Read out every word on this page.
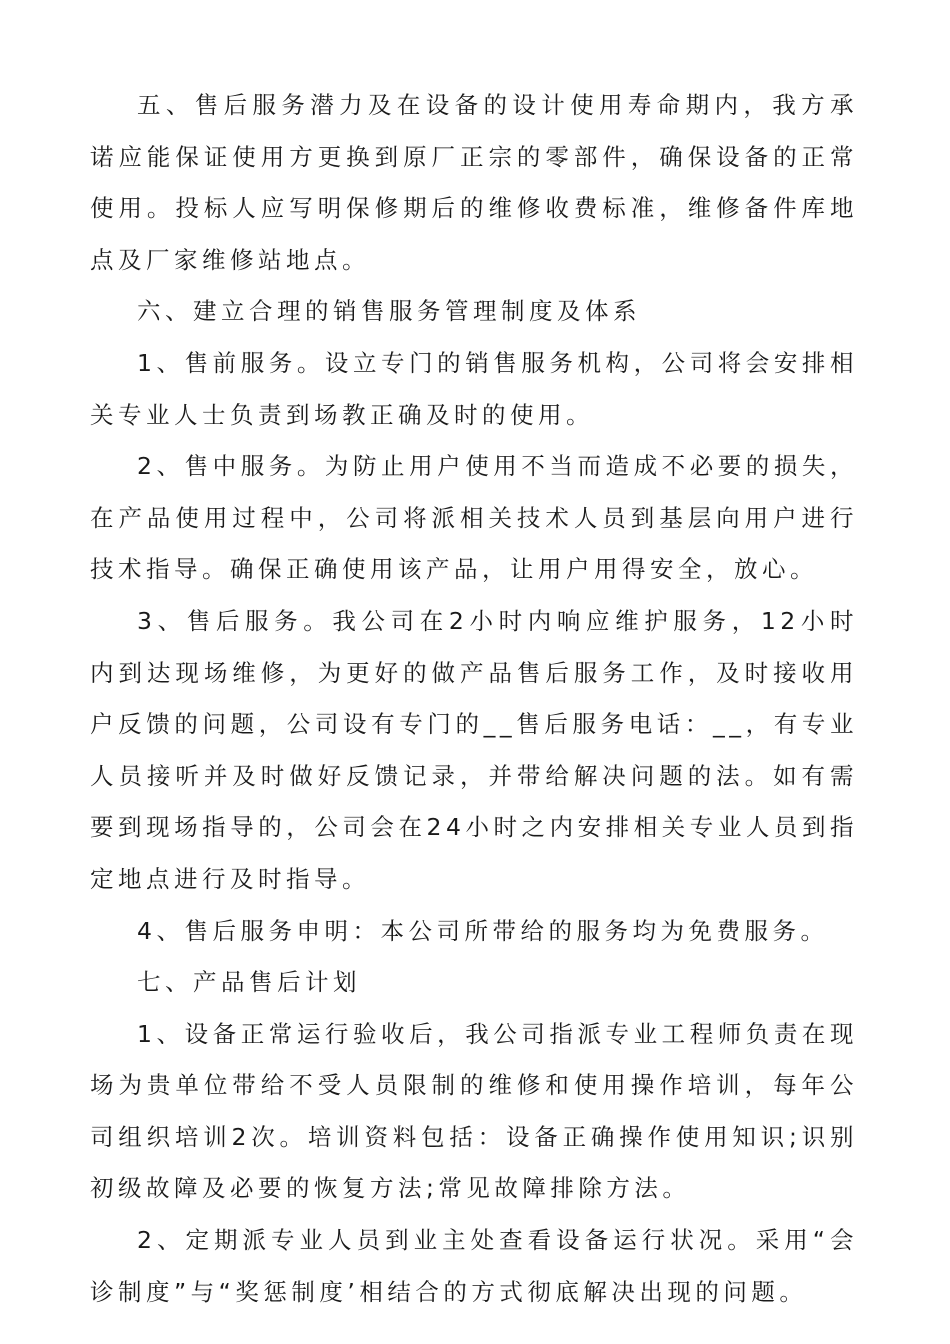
五、售后服务潜力及在设备的设计使用寿命期内，我方承诺应能保证使用方更换到原厂正宗的零部件，确保设备的正常使用。投标人应写明保修期后的维修收费标准，维修备件库地点及厂家维修站地点。

六、建立合理的销售服务管理制度及体系

1、售前服务。设立专门的销售服务机构，公司将会安排相关专业人士负责到场教正确及时的使用。

2、售中服务。为防止用户使用不当而造成不必要的损失，在产品使用过程中，公司将派相关技术人员到基层向用户进行技术指导。确保正确使用该产品，让用户用得安全，放心。

3、售后服务。我公司在2小时内响应维护服务，12小时内到达现场维修，为更好的做产品售后服务工作，及时接收用户反馈的问题，公司设有专门的__售后服务电话：__，有专业人员接听并及时做好反馈记录，并带给解决问题的法。如有需要到现场指导的，公司会在24小时之内安排相关专业人员到指定地点进行及时指导。

4、售后服务申明：本公司所带给的服务均为免费服务。

七、产品售后计划

1、设备正常运行验收后，我公司指派专业工程师负责在现场为贵单位带给不受人员限制的维修和使用操作培训，每年公司组织培训2次。培训资料包括：设备正确操作使用知识;识别初级故障及必要的恢复方法;常见故障排除方法。

2、定期派专业人员到业主处查看设备运行状况。采用“会诊制度”与“奖惩制度’相结合的方式彻底解决出现的问题。
